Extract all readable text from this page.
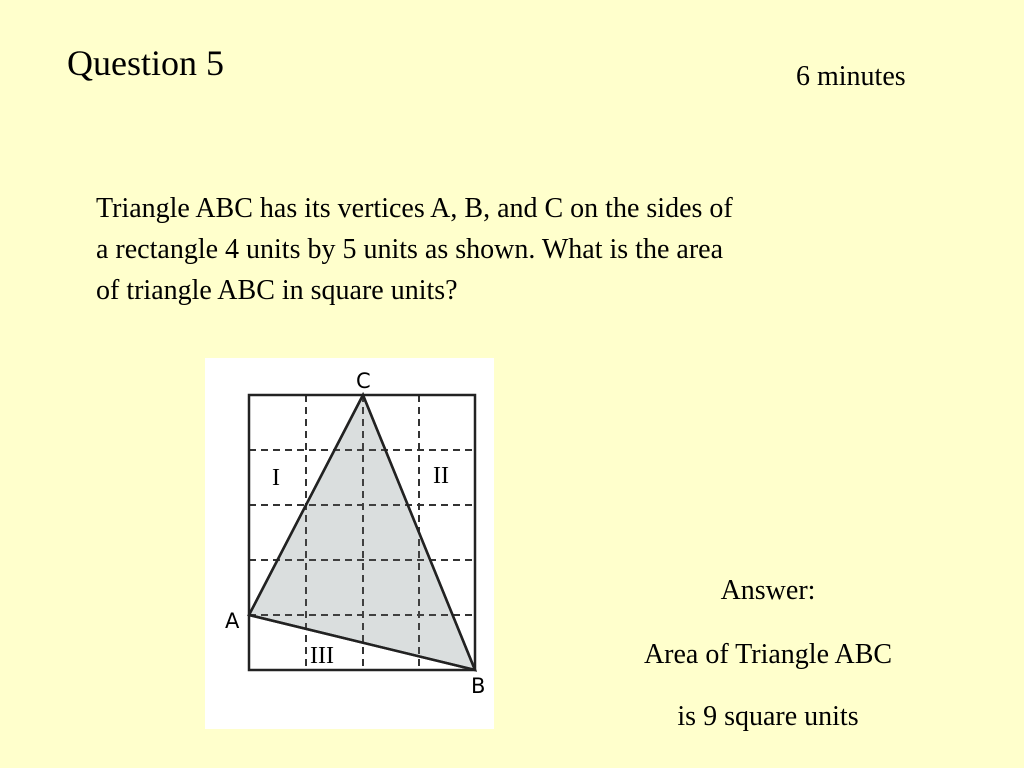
Question 5	6 minutes
Triangle ABC has its vertices A, B, and C on the sides of
a rectangle 4 units by 5 units as shown. What is the area
of triangle ABC in square units?
C
A
B
I	II
III
Answer:
Area of Triangle ABC
is 9 square units
